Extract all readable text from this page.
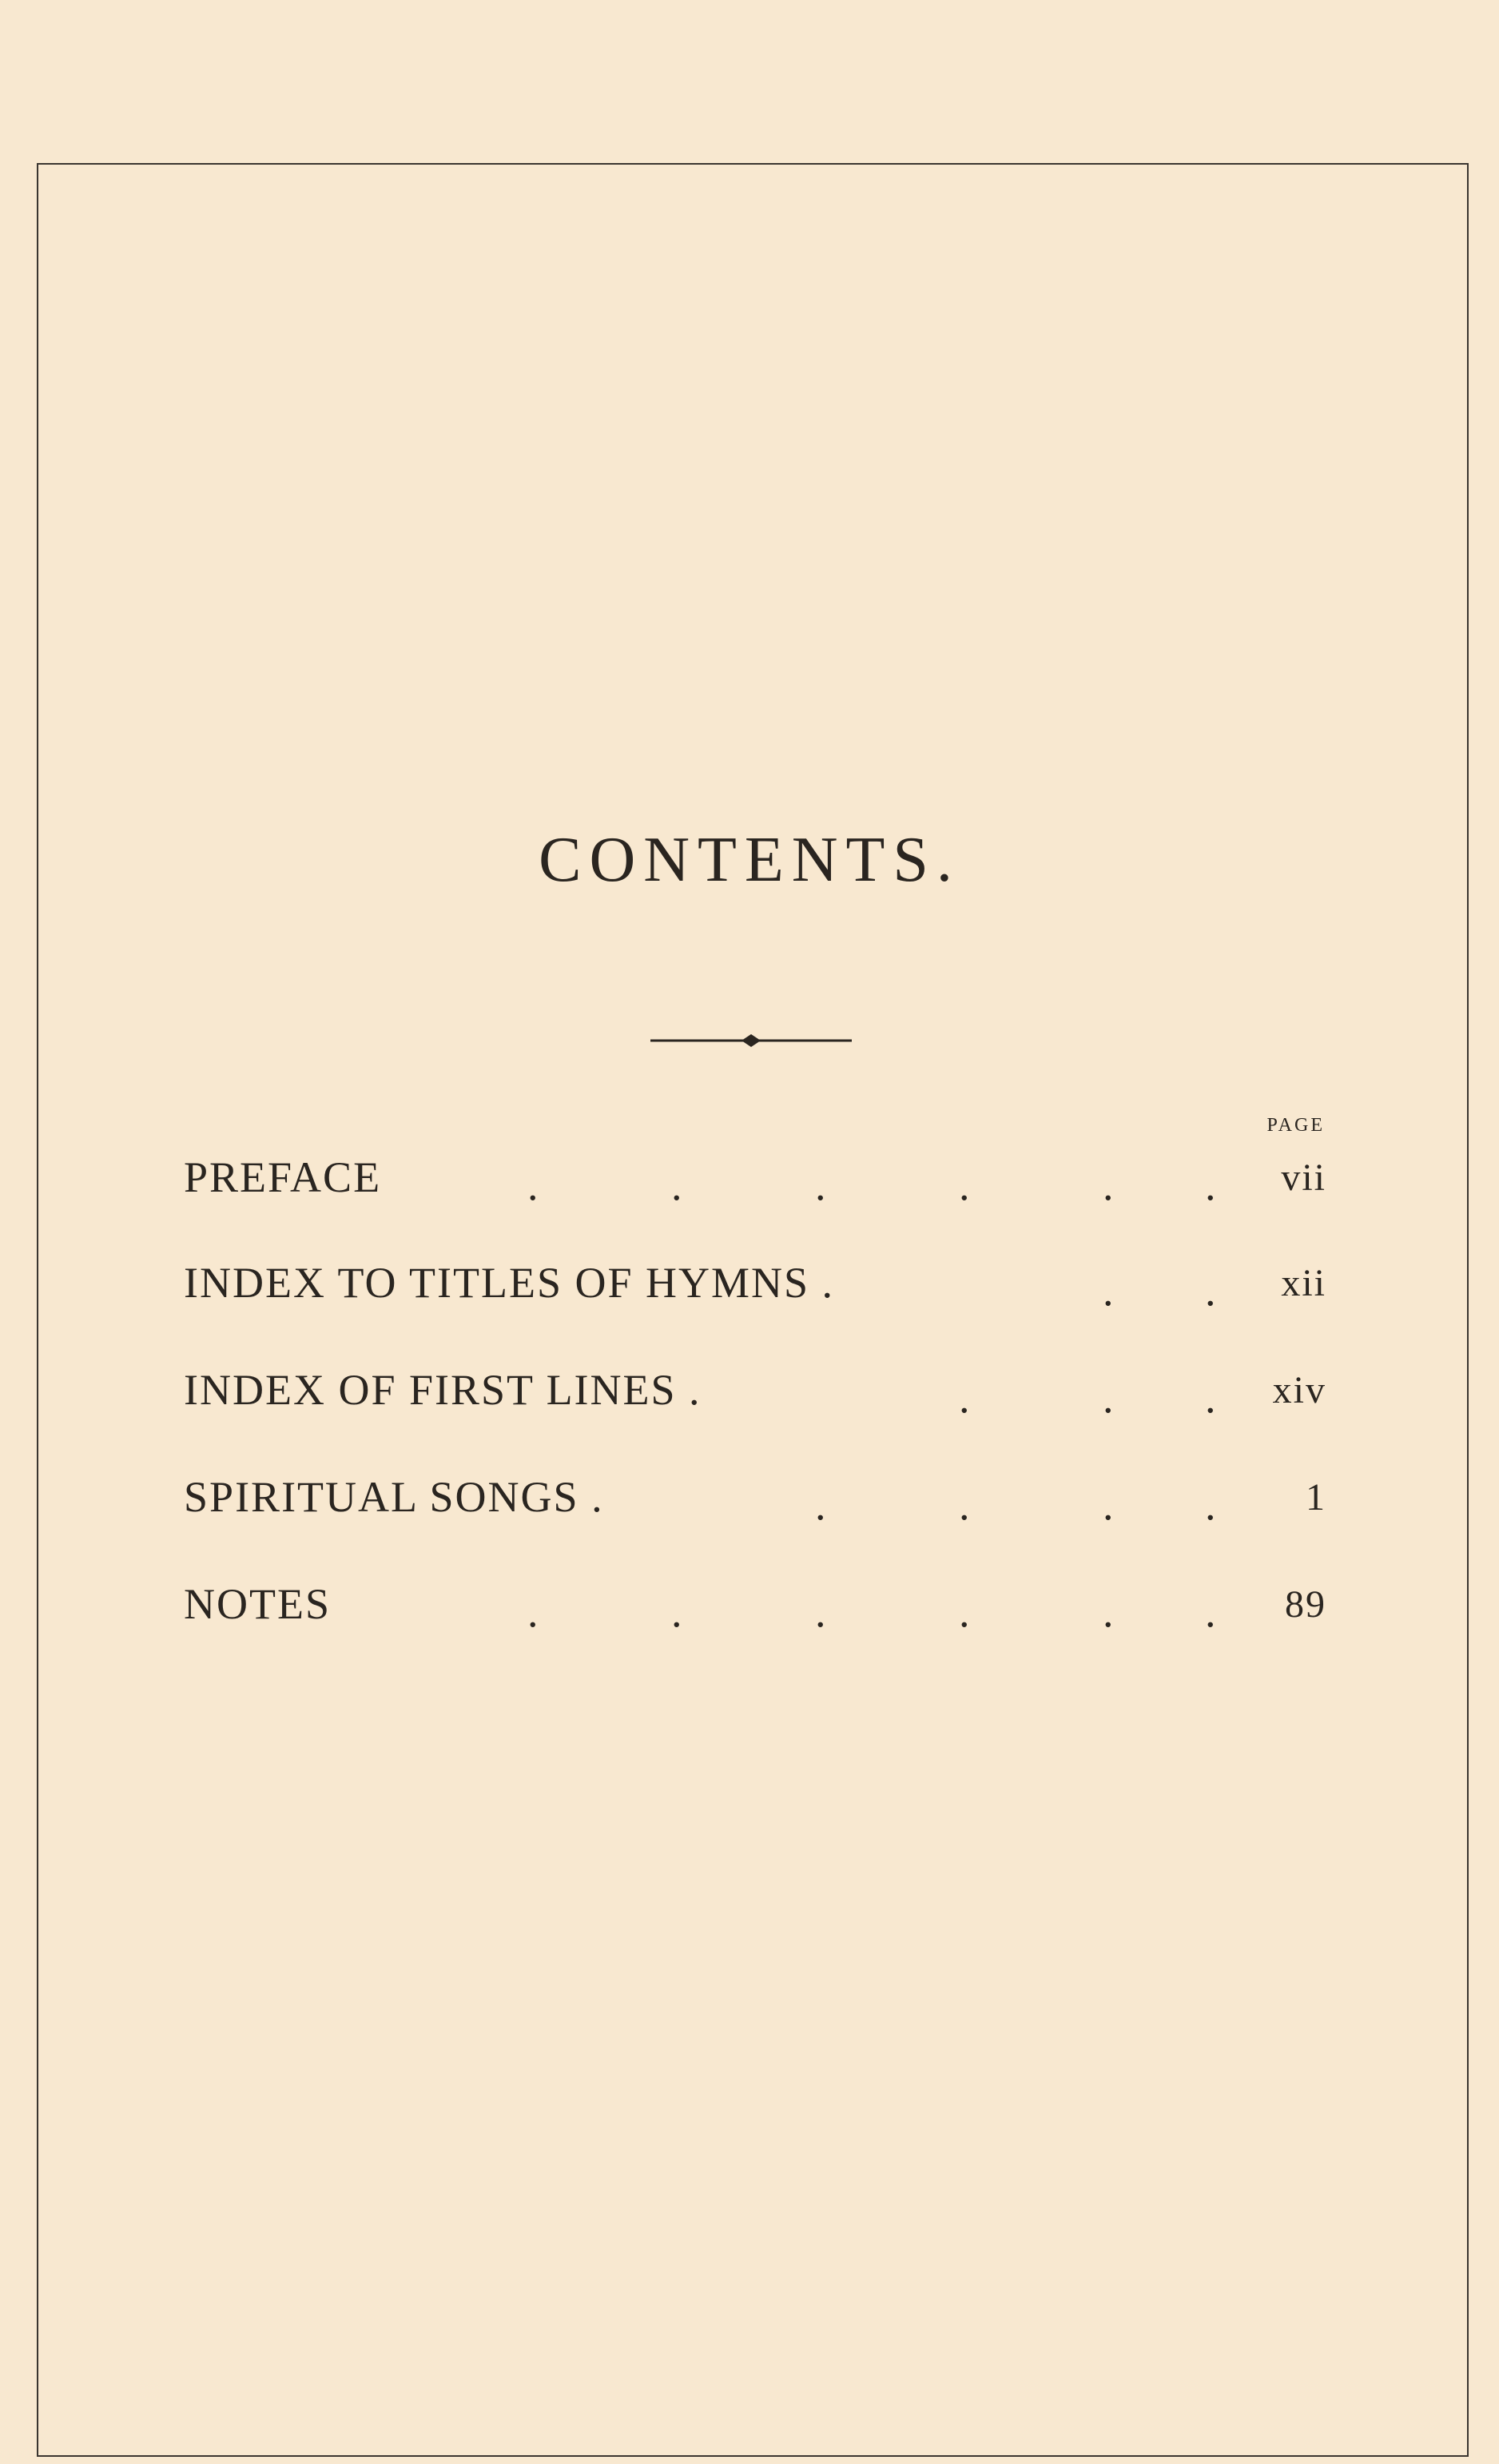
CONTENTS.
PAGE
PREFACE	.	.	.	.	. . vii
INDEX TO TITLES OF HYMNS .	. . xii
INDEX OF FIRST LINES .	.	. . xiv
SPIRITUAL SONGS .	.	.	. . 1
NOTES	.	.	.	.	. . 89
